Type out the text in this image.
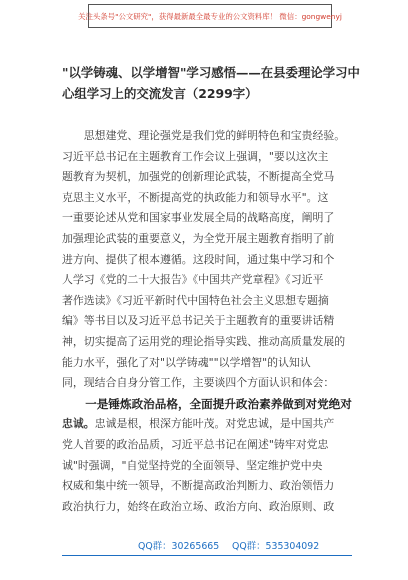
关注头条号"公文研究"，获得最新最全最专业的公文资料库！ 微信：gongwenyj
"以学铸魂、以学增智"学习感悟——在县委理论学习中
心组学习上的交流发言（2299字）
　　思想建党、理论强党是我们党的鲜明特色和宝贵经验。
习近平总书记在主题教育工作会议上强调，"要以这次主
题教育为契机，加强党的创新理论武装，不断提高全党马
克思主义水平，不断提高党的执政能力和领导水平"。这
一重要论述从党和国家事业发展全局的战略高度，阐明了
加强理论武装的重要意义，为全党开展主题教育指明了前
进方向、提供了根本遵循。这段时间，通过集中学习和个
人学习《党的二十大报告》《中国共产党章程》《习近平
著作选读》《习近平新时代中国特色社会主义思想专题摘
编》等书目以及习近平总书记关于主题教育的重要讲话精
神，切实提高了运用党的理论指导实践、推动高质量发展的
能力水平，强化了对"以学铸魂""以学增智"的认知认
同，现结合自身分管工作，主要谈四个方面认识和体会：
　　一是锤炼政治品格，全面提升政治素养做到对党绝对
忠诚。忠诚是根，根深方能叶茂。对党忠诚，是中国共产
党人首要的政治品质，习近平总书记在阐述"铸牢对党忠
诚"时强调，"自觉坚持党的全面领导、坚定维护党中央
权威和集中统一领导，不断提高政治判断力、政治领悟力
政治执行力，始终在政治立场、政治方向、政治原则、政
QQ群：30265665 QQ群：535304092
